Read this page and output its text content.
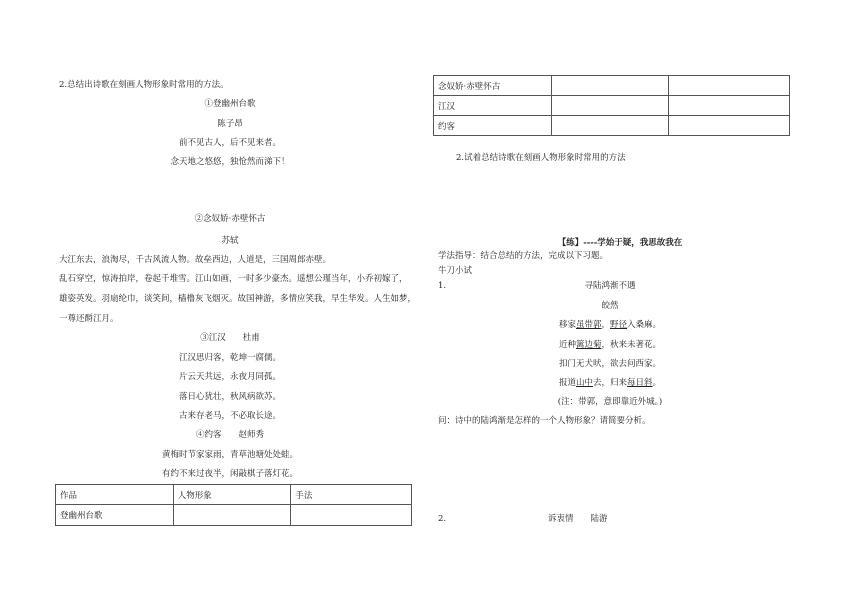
2.总结出诗歌在刻画人物形象时常用的方法。
①登幽州台歌
陈子昂
前不见古人，后不见来者。
念天地之悠悠，独怆然而涕下！
②念奴娇·赤壁怀古
苏轼
大江东去，浪淘尽，千古风流人物。故垒西边，人道是，三国周郎赤壁。
乱石穿空，惊涛拍岸，卷起千堆雪。江山如画，一时多少豪杰。遥想公瑾当年，小乔初嫁了，
雄姿英发。羽扇纶巾，谈笑间，樯橹灰飞烟灭。故国神游，多情应笑我，早生华发。人生如梦，
一尊还酹江月。
③江汉　　杜甫
江汉思归客，乾坤一腐儒。
片云天共远，永夜月同孤。
落日心犹壮，秋风病欲苏。
古来存老马，不必取长途。
④约客　　赵师秀
黄梅时节家家雨，青草池塘处处蛙。
有约不来过夜半，闲敲棋子落灯花。
作品	人物形象	手法
登幽州台歌		
念奴娇·赤壁怀古		
江汉		
约客		
2.试着总结诗歌在刻画人物形象时常用的方法
【练】----学始于疑，我思故我在
学法指导：结合总结的方法，完成以下习题。
牛刀小试
1.	寻陆鸿渐不遇
皎然
移家虽带郭，野径入桑麻。
近种篱边菊，秋来未著花。
扣门无犬吠，欲去问西家。
报道山中去，归来每日斜。
(注：带郭，意即靠近外城。)
问：诗中的陆鸿渐是怎样的一个人物形象？请简要分析。
2.	诉衷情　　陆游
